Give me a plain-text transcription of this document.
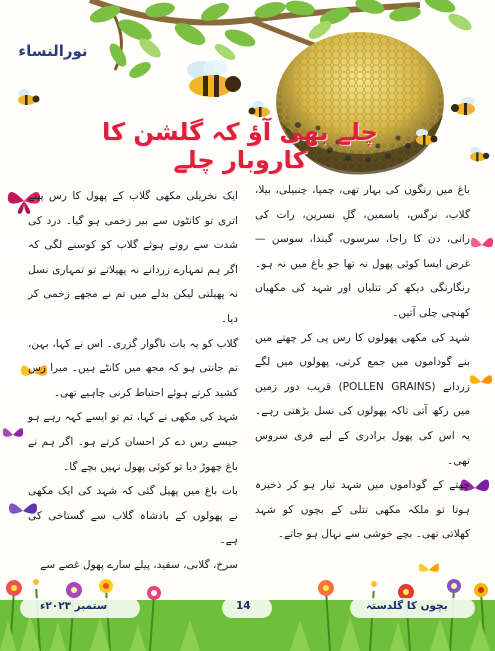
نورالنساء
چلے بھی آؤ کہ گلشن کا کاروبار چلے

باغ میں رنگوں کی بہار تھی، چمپا، چنبیلی، بیلا، گلاب، نرگس، یاسمین، گلِ نسرین، رات کی رانی، دن کا راجا، سرسوں، گیندا، سوسن — غرض ایسا کوئی پھول نہ تھا جو باغ میں نہ ہو۔ رنگارنگی دیکھ کر تتلیاں اور شہد کی مکھیاں کھنچی چلی آتیں۔

شہد کی مکھی پھولوں کا رس پی کر چھتے میں بنے گوداموں میں جمع کرتی، پھولوں میں لگے زردانے (POLLEN GRAINS) قریب دور زمین میں رکھ آتی تاکہ پھولوں کی نسل بڑھتی رہے۔ یہ اس کی پھول برادری کے لیے فری سروس تھی۔

چھتے کے گوداموں میں شہد تیار ہو کر ذخیرہ ہوتا تو ملکہ مکھی تتلی کے بچوں کو شہد کھلاتی تھی۔ بچے خوشی سے نہال ہو جاتے۔

ایک نخریلی مکھی گلاب کے پھول کا رس پینے اتری تو کانٹوں سے بیر زخمی ہو گیا۔ درد کی شدت سے روتے ہوئے گلاب کو کوسنے لگی کہ اگر ہم تمہارے زردانے نہ پھیلاتے تو تمہاری نسل نہ پھیلتی لیکن بدلے میں تم نے مجھے زخمی کر دیا۔

گلاب کو یہ بات ناگوار گزری۔ اس نے کہا، بہن، تم جانتی ہو کہ مجھ میں کانٹے ہیں۔ میرا رس کشید کرتے ہوئے احتیاط کرنی چاہیے تھی۔

شہد کی مکھی نے کہا، تم تو ایسے کہہ رہے ہو جیسے رس دے کر احسان کرتے ہو۔ اگر ہم نے باغ چھوڑ دیا تو کوئی پھول نہیں بچے گا۔

بات باغ میں پھیل گئی کہ شہد کی ایک مکھی نے پھولوں کے بادشاہ گلاب سے گستاخی کی ہے۔

سرخ، گلابی، سفید، پیلے سارے پھول غصے سے

ستمبر ۲۰۲۳ء	14	بچوں کا گلدستہ
